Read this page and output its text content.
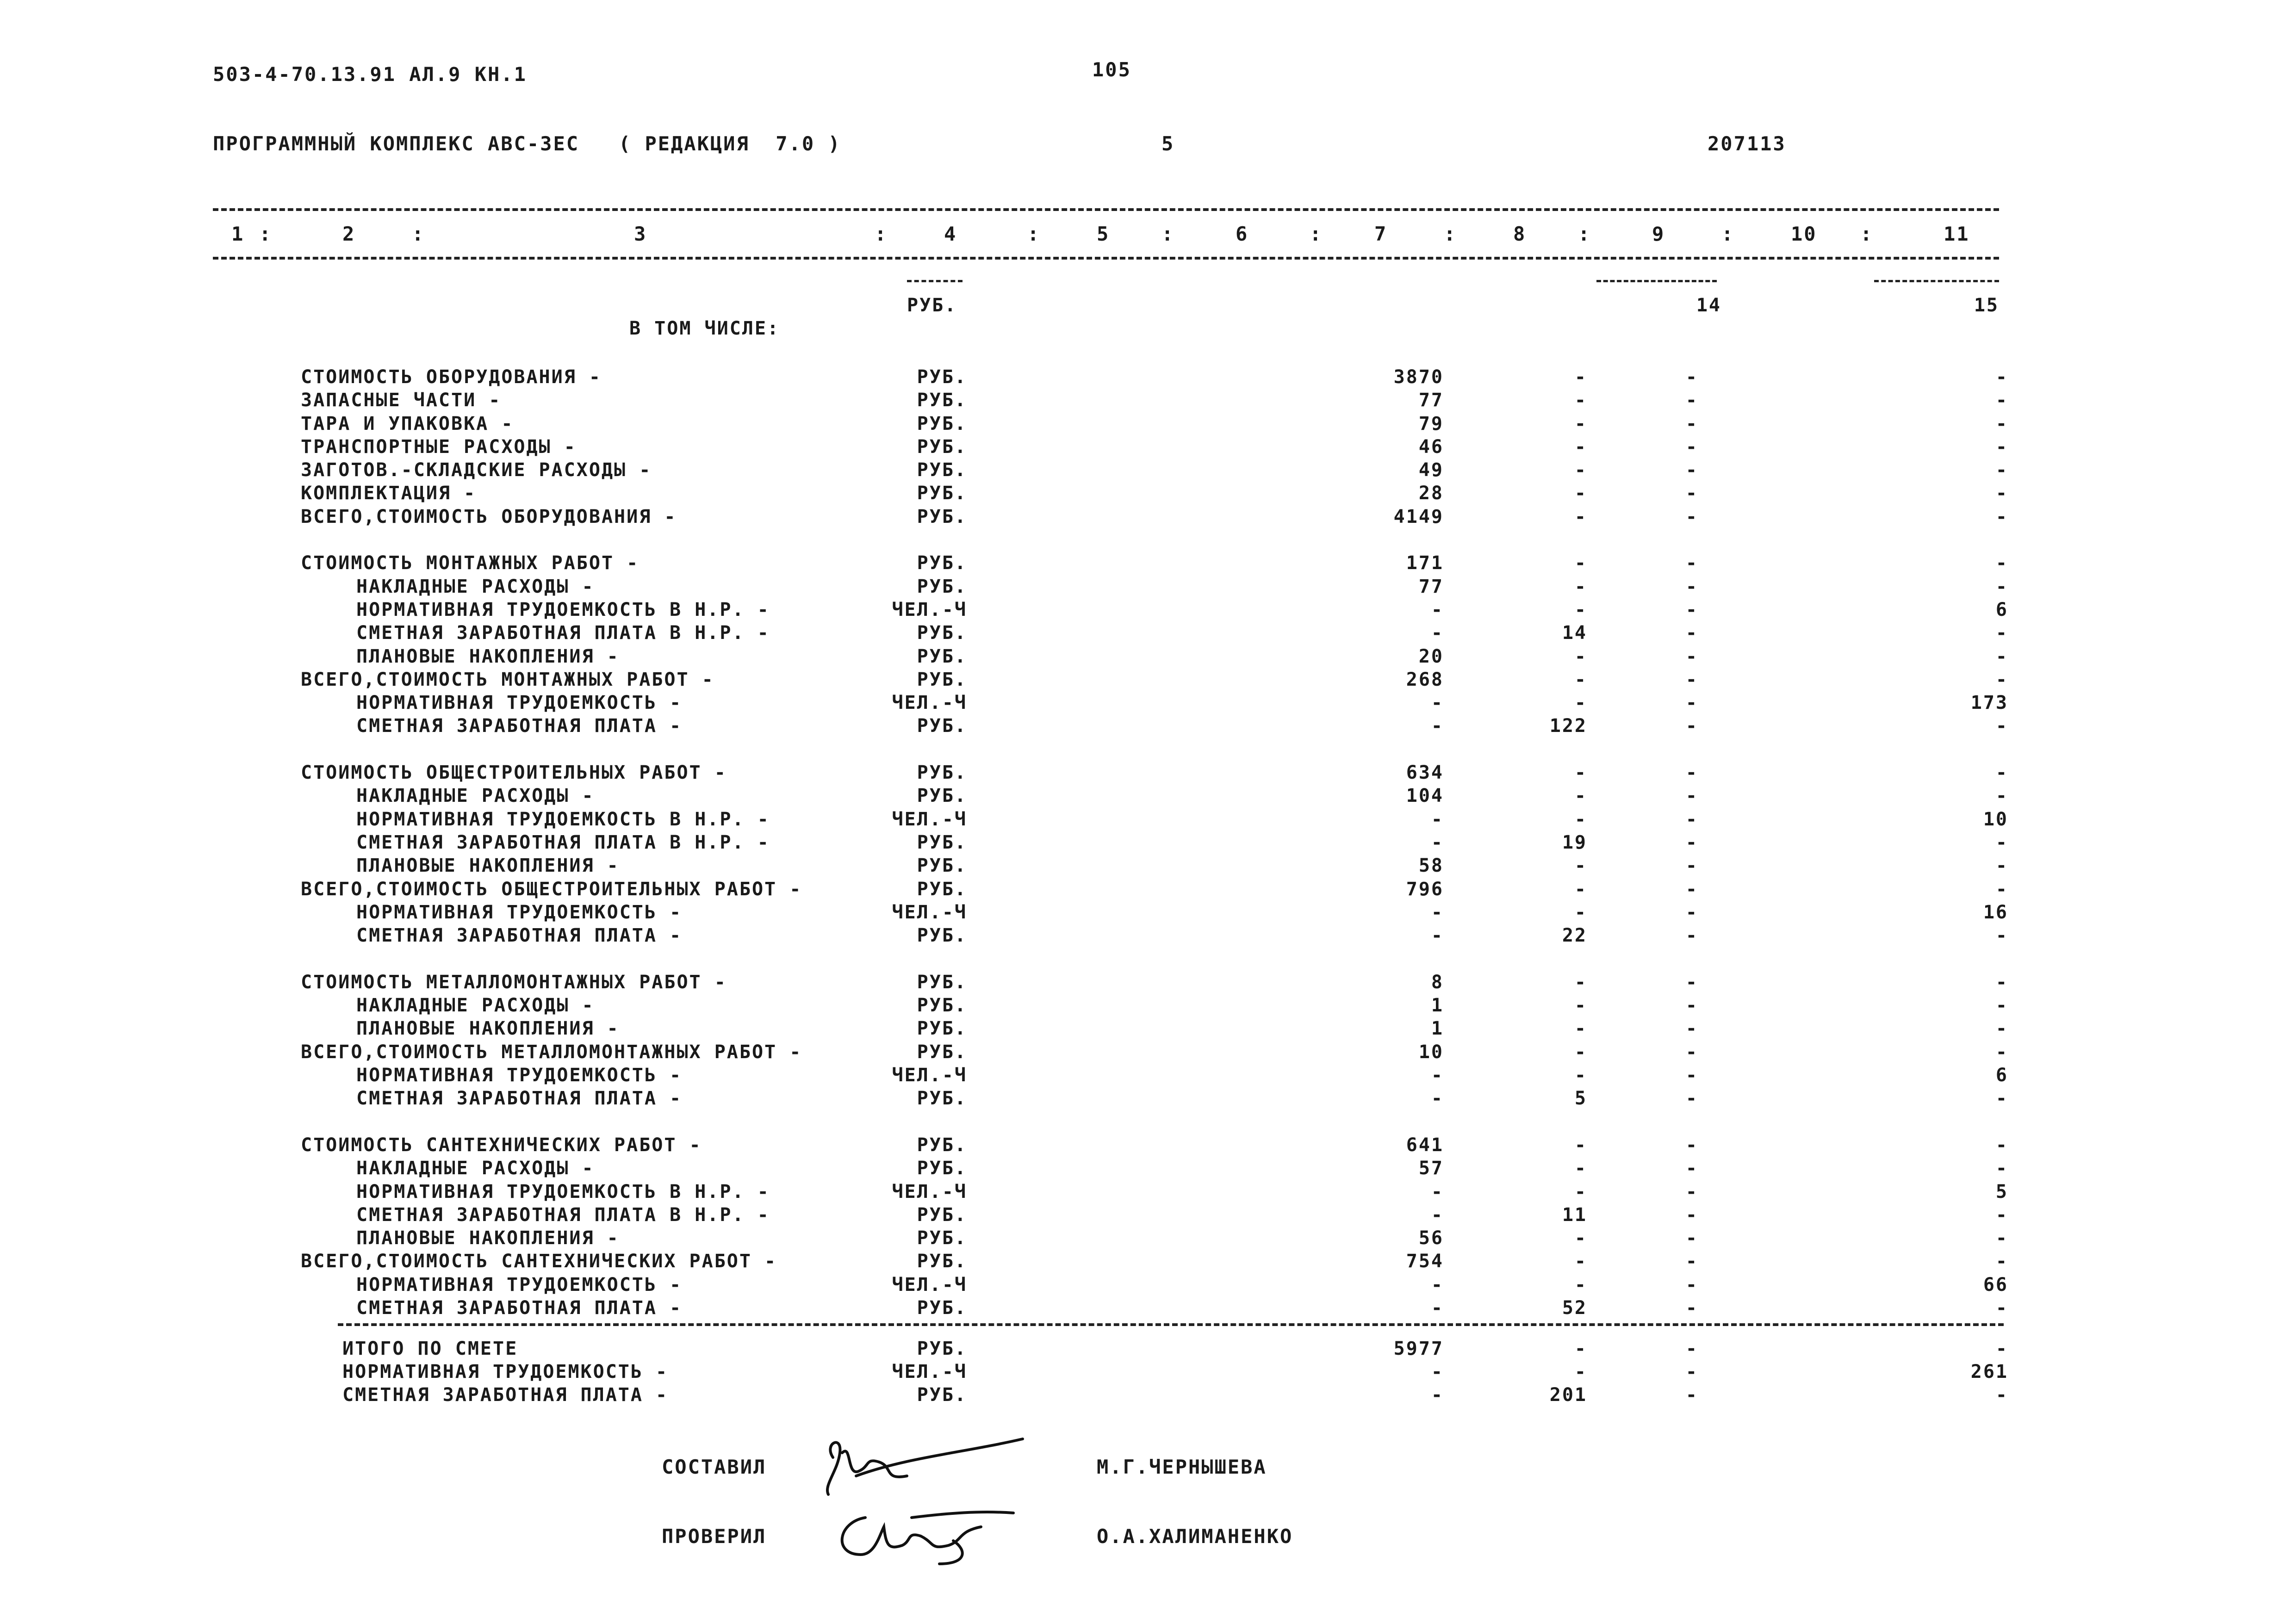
503-4-70.13.91 АЛ.9 КН.1	105
ПРОГРАММНЫЙ КОМПЛЕКС АВС-3ЕС   ( РЕДАКЦИЯ  7.0 )	5	207113
1 :	2	:	3	:	4	:	5	:	6	:	7	:	8	:	9	:	10 :	11
РУБ.	14	15
В ТОМ ЧИСЛЕ:
СТОИМОСТЬ ОБОРУДОВАНИЯ -	РУБ.	3870	-	-	-
ЗАПАСНЫЕ ЧАСТИ -	РУБ.	77	-	-	-
ТАРА И УПАКОВКА -	РУБ.	79	-	-	-
ТРАНСПОРТНЫЕ РАСХОДЫ -	РУБ.	46	-	-	-
ЗАГОТОВ.-СКЛАДСКИЕ РАСХОДЫ -	РУБ.	49	-	-	-
КОМПЛЕКТАЦИЯ -	РУБ.	28	-	-	-
ВСЕГО,СТОИМОСТЬ ОБОРУДОВАНИЯ -	РУБ.	4149	-	-	-
СТОИМОСТЬ МОНТАЖНЫХ РАБОТ -	РУБ.	171	-	-	-
НАКЛАДНЫЕ РАСХОДЫ -	РУБ.	77	-	-	-
НОРМАТИВНАЯ ТРУДОЕМКОСТЬ В Н.Р. -	ЧЕЛ.-Ч	-	-	-	6
СМЕТНАЯ ЗАРАБОТНАЯ ПЛАТА В Н.Р. -	РУБ.	-	14	-	-
ПЛАНОВЫЕ НАКОПЛЕНИЯ -	РУБ.	20	-	-	-
ВСЕГО,СТОИМОСТЬ МОНТАЖНЫХ РАБОТ -	РУБ.	268	-	-	-
НОРМАТИВНАЯ ТРУДОЕМКОСТЬ -	ЧЕЛ.-Ч	-	-	-	173
СМЕТНАЯ ЗАРАБОТНАЯ ПЛАТА -	РУБ.	-	122	-	-
СТОИМОСТЬ ОБЩЕСТРОИТЕЛЬНЫХ РАБОТ -	РУБ.	634	-	-	-
НАКЛАДНЫЕ РАСХОДЫ -	РУБ.	104	-	-	-
НОРМАТИВНАЯ ТРУДОЕМКОСТЬ В Н.Р. -	ЧЕЛ.-Ч	-	-	-	10
СМЕТНАЯ ЗАРАБОТНАЯ ПЛАТА В Н.Р. -	РУБ.	-	19	-	-
ПЛАНОВЫЕ НАКОПЛЕНИЯ -	РУБ.	58	-	-	-
ВСЕГО,СТОИМОСТЬ ОБЩЕСТРОИТЕЛЬНЫХ РАБОТ -	РУБ.	796	-	-	-
НОРМАТИВНАЯ ТРУДОЕМКОСТЬ -	ЧЕЛ.-Ч	-	-	-	16
СМЕТНАЯ ЗАРАБОТНАЯ ПЛАТА -	РУБ.	-	22	-	-
СТОИМОСТЬ МЕТАЛЛОМОНТАЖНЫХ РАБОТ -	РУБ.	8	-	-	-
НАКЛАДНЫЕ РАСХОДЫ -	РУБ.	1	-	-	-
ПЛАНОВЫЕ НАКОПЛЕНИЯ -	РУБ.	1	-	-	-
ВСЕГО,СТОИМОСТЬ МЕТАЛЛОМОНТАЖНЫХ РАБОТ -	РУБ.	10	-	-	-
НОРМАТИВНАЯ ТРУДОЕМКОСТЬ -	ЧЕЛ.-Ч	-	-	-	6
СМЕТНАЯ ЗАРАБОТНАЯ ПЛАТА -	РУБ.	-	5	-	-
СТОИМОСТЬ САНТЕХНИЧЕСКИХ РАБОТ -	РУБ.	641	-	-	-
НАКЛАДНЫЕ РАСХОДЫ -	РУБ.	57	-	-	-
НОРМАТИВНАЯ ТРУДОЕМКОСТЬ В Н.Р. -	ЧЕЛ.-Ч	-	-	-	5
СМЕТНАЯ ЗАРАБОТНАЯ ПЛАТА В Н.Р. -	РУБ.	-	11	-	-
ПЛАНОВЫЕ НАКОПЛЕНИЯ -	РУБ.	56	-	-	-
ВСЕГО,СТОИМОСТЬ САНТЕХНИЧЕСКИХ РАБОТ -	РУБ.	754	-	-	-
НОРМАТИВНАЯ ТРУДОЕМКОСТЬ -	ЧЕЛ.-Ч	-	-	-	66
СМЕТНАЯ ЗАРАБОТНАЯ ПЛАТА -	РУБ.	-	52	-	-
ИТОГО ПО СМЕТЕ	РУБ.	5977	-	-	-
НОРМАТИВНАЯ ТРУДОЕМКОСТЬ -	ЧЕЛ.-Ч	-	-	-	261
СМЕТНАЯ ЗАРАБОТНАЯ ПЛАТА -	РУБ.	-	201	-	-
СОСТАВИЛ	М.Г.ЧЕРНЫШЕВА
ПРОВЕРИЛ	О.А.ХАЛИМАНЕНКО
